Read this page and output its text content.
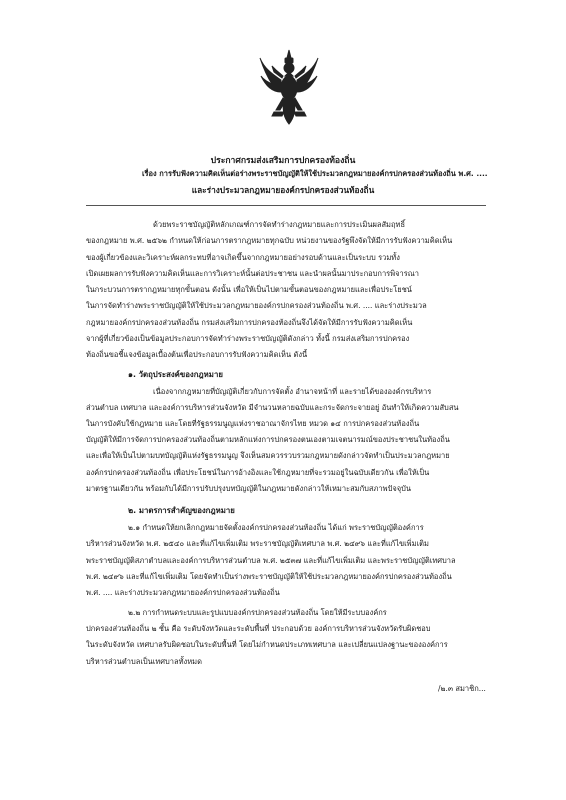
ประกาศกรมส่งเสริมการปกครองท้องถิ่น
เรื่อง การรับฟังความคิดเห็นต่อร่างพระราชบัญญัติให้ใช้ประมวลกฎหมายองค์กรปกครองส่วนท้องถิ่น พ.ศ. ....
และร่างประมวลกฎหมายองค์กรปกครองส่วนท้องถิ่น
ด้วยพระราชบัญญัติหลักเกณฑ์การจัดทำร่างกฎหมายและการประเมินผลสัมฤทธิ์
ของกฎหมาย พ.ศ. ๒๕๖๒ กำหนดให้ก่อนการตรากฎหมายทุกฉบับ หน่วยงานของรัฐพึงจัดให้มีการรับฟังความคิดเห็น
ของผู้เกี่ยวข้องและวิเคราะห์ผลกระทบที่อาจเกิดขึ้นจากกฎหมายอย่างรอบด้านและเป็นระบบ รวมทั้ง
เปิดเผยผลการรับฟังความคิดเห็นและการวิเคราะห์นั้นต่อประชาชน และนำผลนั้นมาประกอบการพิจารณา
ในกระบวนการตรากฎหมายทุกขั้นตอน ดังนั้น เพื่อให้เป็นไปตามขั้นตอนของกฎหมายและเพื่อประโยชน์
ในการจัดทำร่างพระราชบัญญัติให้ใช้ประมวลกฎหมายองค์กรปกครองส่วนท้องถิ่น พ.ศ. .... และร่างประมวล
กฎหมายองค์กรปกครองส่วนท้องถิ่น กรมส่งเสริมการปกครองท้องถิ่นจึงได้จัดให้มีการรับฟังความคิดเห็น
จากผู้ที่เกี่ยวข้องเป็นข้อมูลประกอบการจัดทำร่างพระราชบัญญัติดังกล่าว ทั้งนี้ กรมส่งเสริมการปกครอง
ท้องถิ่นขอชี้แจงข้อมูลเบื้องต้นเพื่อประกอบการรับฟังความคิดเห็น ดังนี้
๑. วัตถุประสงค์ของกฎหมาย
เนื่องจากกฎหมายที่บัญญัติเกี่ยวกับการจัดตั้ง อำนาจหน้าที่ และรายได้ขององค์กรบริหาร
ส่วนตำบล เทศบาล และองค์การบริหารส่วนจังหวัด มีจำนวนหลายฉบับและกระจัดกระจายอยู่ อันทำให้เกิดความสับสน
ในการบังคับใช้กฎหมาย และโดยที่รัฐธรรมนูญแห่งราชอาณาจักรไทย หมวด ๑๔ การปกครองส่วนท้องถิ่น
บัญญัติให้มีการจัดการปกครองส่วนท้องถิ่นตามหลักแห่งการปกครองตนเองตามเจตนารมณ์ของประชาชนในท้องถิ่น
และเพื่อให้เป็นไปตามบทบัญญัติแห่งรัฐธรรมนูญ จึงเห็นสมควรรวบรวมกฎหมายดังกล่าวจัดทำเป็นประมวลกฎหมาย
องค์กรปกครองส่วนท้องถิ่น เพื่อประโยชน์ในการอ้างอิงและใช้กฎหมายที่จะรวมอยู่ในฉบับเดียวกัน เพื่อให้เป็น
มาตรฐานเดียวกัน พร้อมกับได้มีการปรับปรุงบทบัญญัติในกฎหมายดังกล่าวให้เหมาะสมกับสภาพปัจจุบัน
๒. มาตรการสำคัญของกฎหมาย
๒.๑ กำหนดให้ยกเลิกกฎหมายจัดตั้งองค์กรปกครองส่วนท้องถิ่น ได้แก่ พระราชบัญญัติองค์การ
บริหารส่วนจังหวัด พ.ศ. ๒๕๔๐ และที่แก้ไขเพิ่มเติม พระราชบัญญัติเทศบาล พ.ศ. ๒๔๙๖ และที่แก้ไขเพิ่มเติม
พระราชบัญญัติสภาตำบลและองค์การบริหารส่วนตำบล พ.ศ. ๒๕๓๗ และที่แก้ไขเพิ่มเติม และพระราชบัญญัติเทศบาล
พ.ศ. ๒๔๙๖ และที่แก้ไขเพิ่มเติม โดยจัดทำเป็นร่างพระราชบัญญัติให้ใช้ประมวลกฎหมายองค์กรปกครองส่วนท้องถิ่น
พ.ศ. .... และร่างประมวลกฎหมายองค์กรปกครองส่วนท้องถิ่น
๒.๒ การกำหนดระบบและรูปแบบองค์กรปกครองส่วนท้องถิ่น โดยให้มีระบบองค์กร
ปกครองส่วนท้องถิ่น ๒ ชั้น คือ ระดับจังหวัดและระดับพื้นที่ ประกอบด้วย องค์การบริหารส่วนจังหวัดรับผิดชอบ
ในระดับจังหวัด เทศบาลรับผิดชอบในระดับพื้นที่ โดยไม่กำหนดประเภทเทศบาล และเปลี่ยนแปลงฐานะขององค์การ
บริหารส่วนตำบลเป็นเทศบาลทั้งหมด
/๒.๓ สมาชิก...
